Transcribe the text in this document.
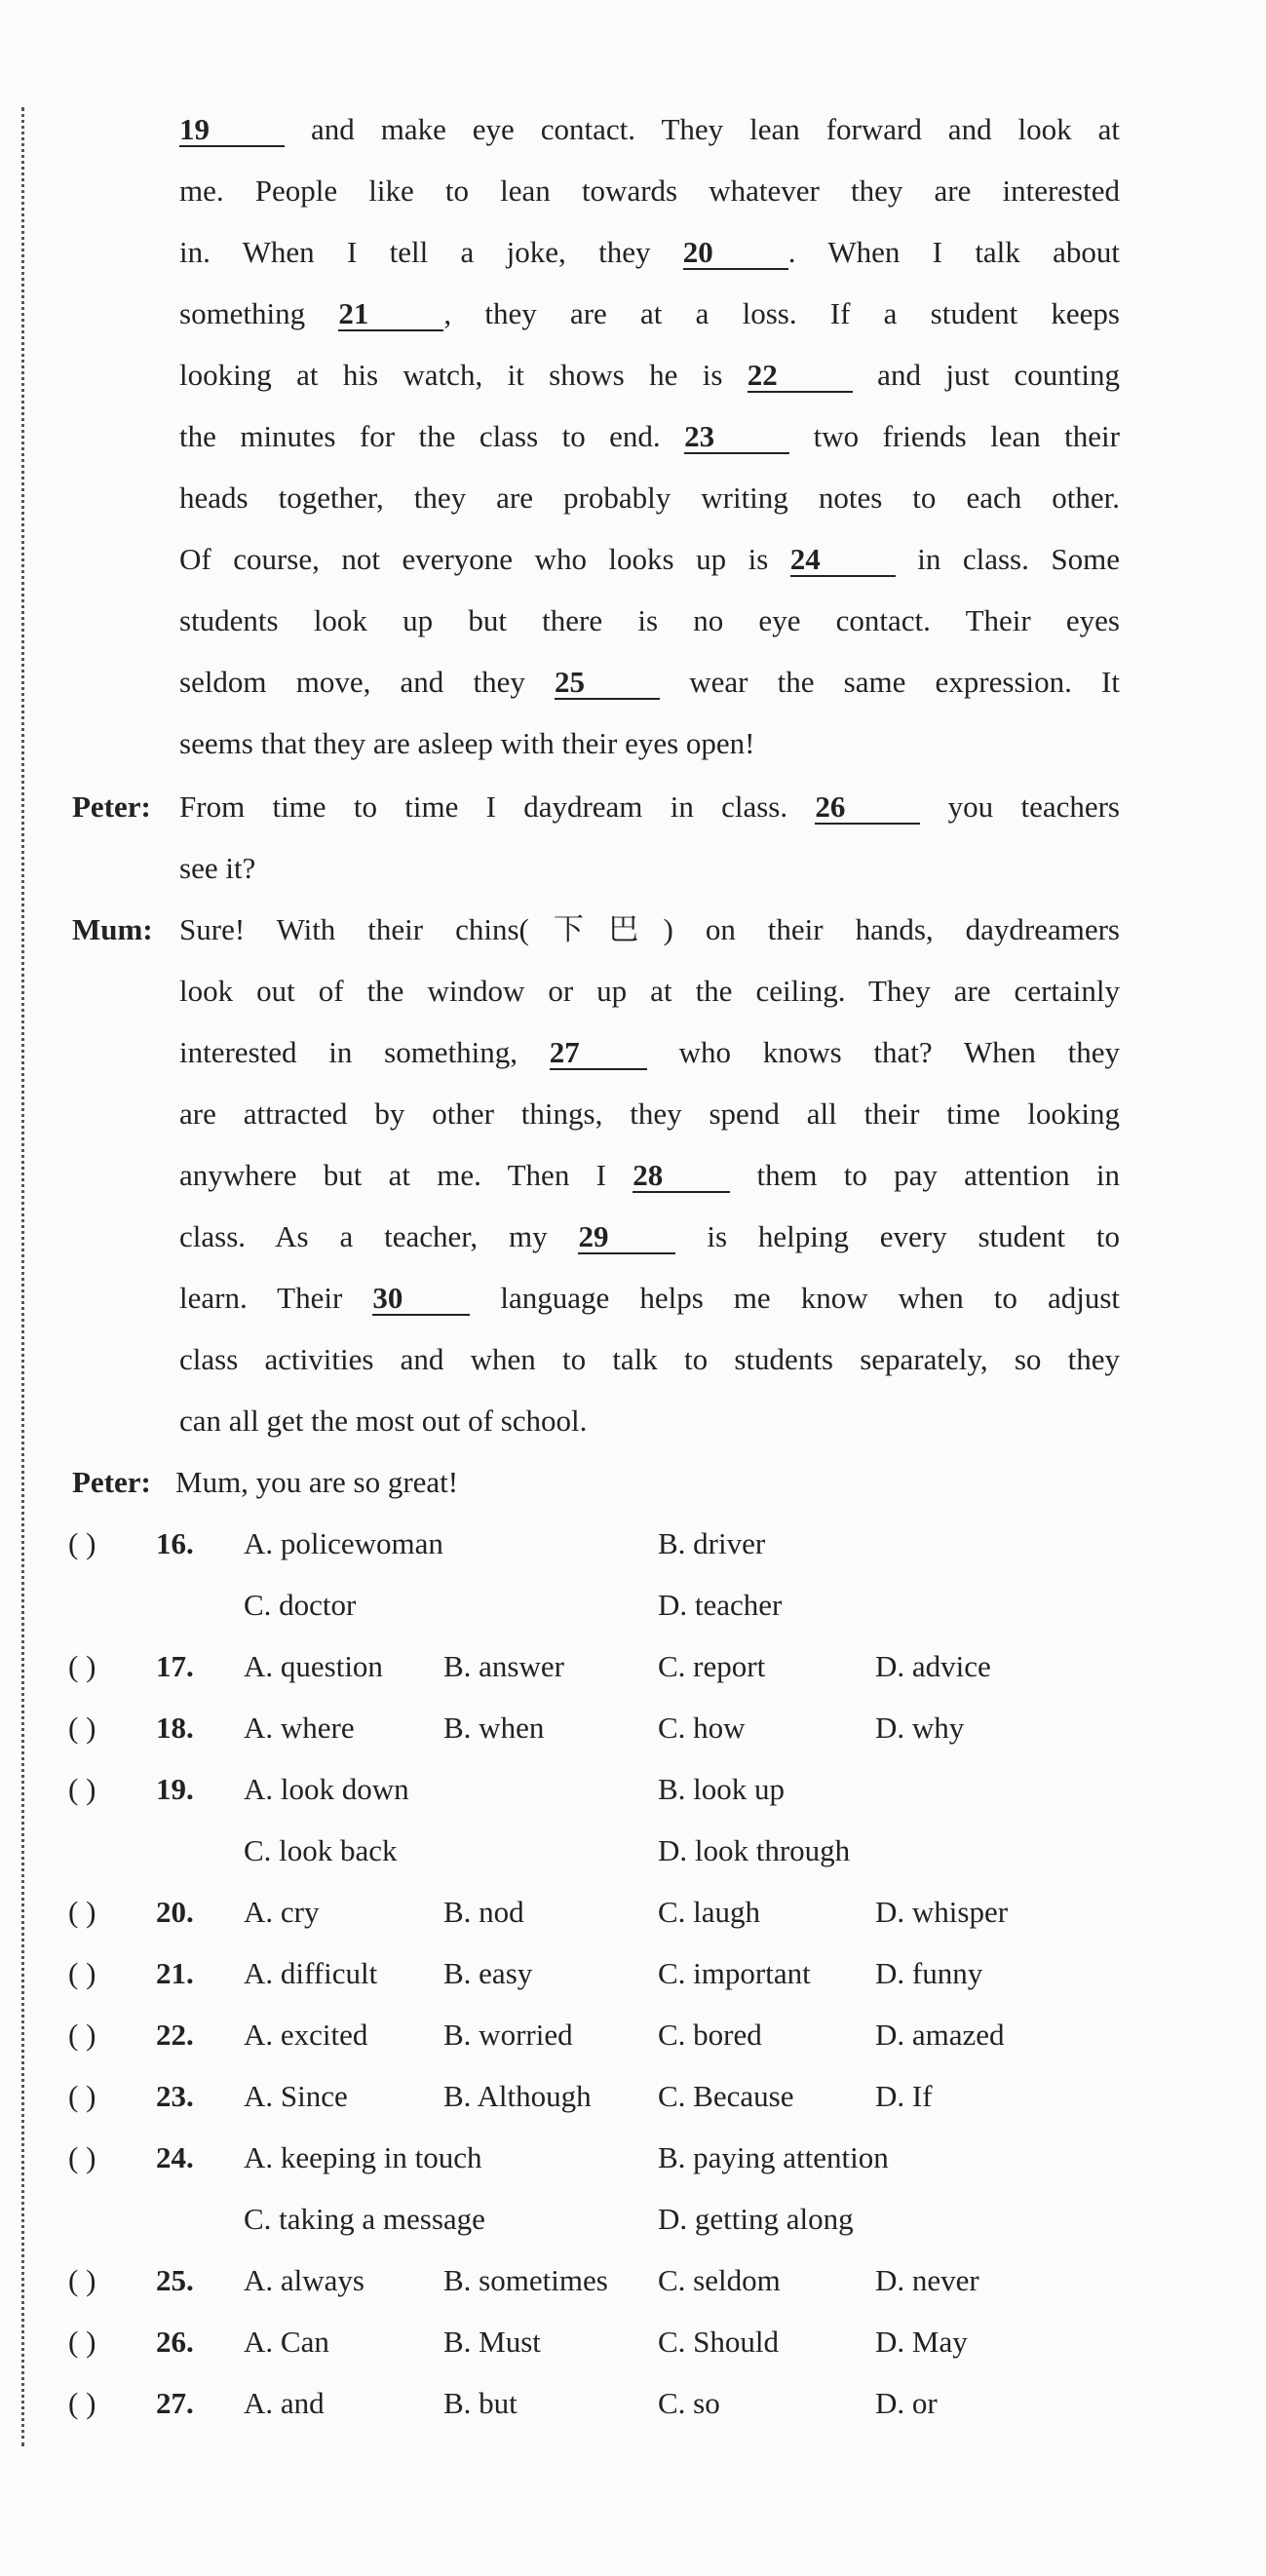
19 and make eye contact. They lean forward and look at
me. People like to lean towards whatever they are interested
in. When I tell a joke, they 20 . When I talk about
something 21 , they are at a loss. If a student keeps
looking at his watch, it shows he is 22 and just counting
the minutes for the class to end. 23 two friends lean their
heads together, they are probably writing notes to each other.
Of course, not everyone who looks up is 24 in class. Some
students look up but there is no eye contact. Their eyes
seldom move, and they 25 wear the same expression. It
seems that they are asleep with their eyes open!
Peter: From time to time I daydream in class. 26 you teachers
see it?
Mum: Sure! With their chins(下巴) on their hands, daydreamers
look out of the window or up at the ceiling. They are certainly
interested in something, 27 who knows that? When they
are attracted by other things, they spend all their time looking
anywhere but at me. Then I 28 them to pay attention in
class. As a teacher, my 29 is helping every student to
learn. Their 30 language helps me know when to adjust
class activities and when to talk to students separately, so they
can all get the most out of school.
Peter: Mum, you are so great!
( ) 16. A. policewoman	B. driver
C. doctor	D. teacher
( ) 17. A. question B. answer	C. report	D. advice
( ) 18. A. where	B. when	C. how	D. why
( ) 19. A. look down	B. look up
C. look back	D. look through
( ) 20. A. cry	B. nod	C. laugh	D. whisper
( ) 21. A. difficult B. easy	C. important D. funny
( ) 22. A. excited	B. worried	C. bored	D. amazed
( ) 23. A. Since	B. Although C. Because	D. If
( ) 24. A. keeping in touch	B. paying attention
C. taking a message	D. getting along
( ) 25. A. always	B. sometimes C. seldom	D. never
( ) 26. A. Can	B. Must	C. Should	D. May
( ) 27. A. and	B. but	C. so	D. or
